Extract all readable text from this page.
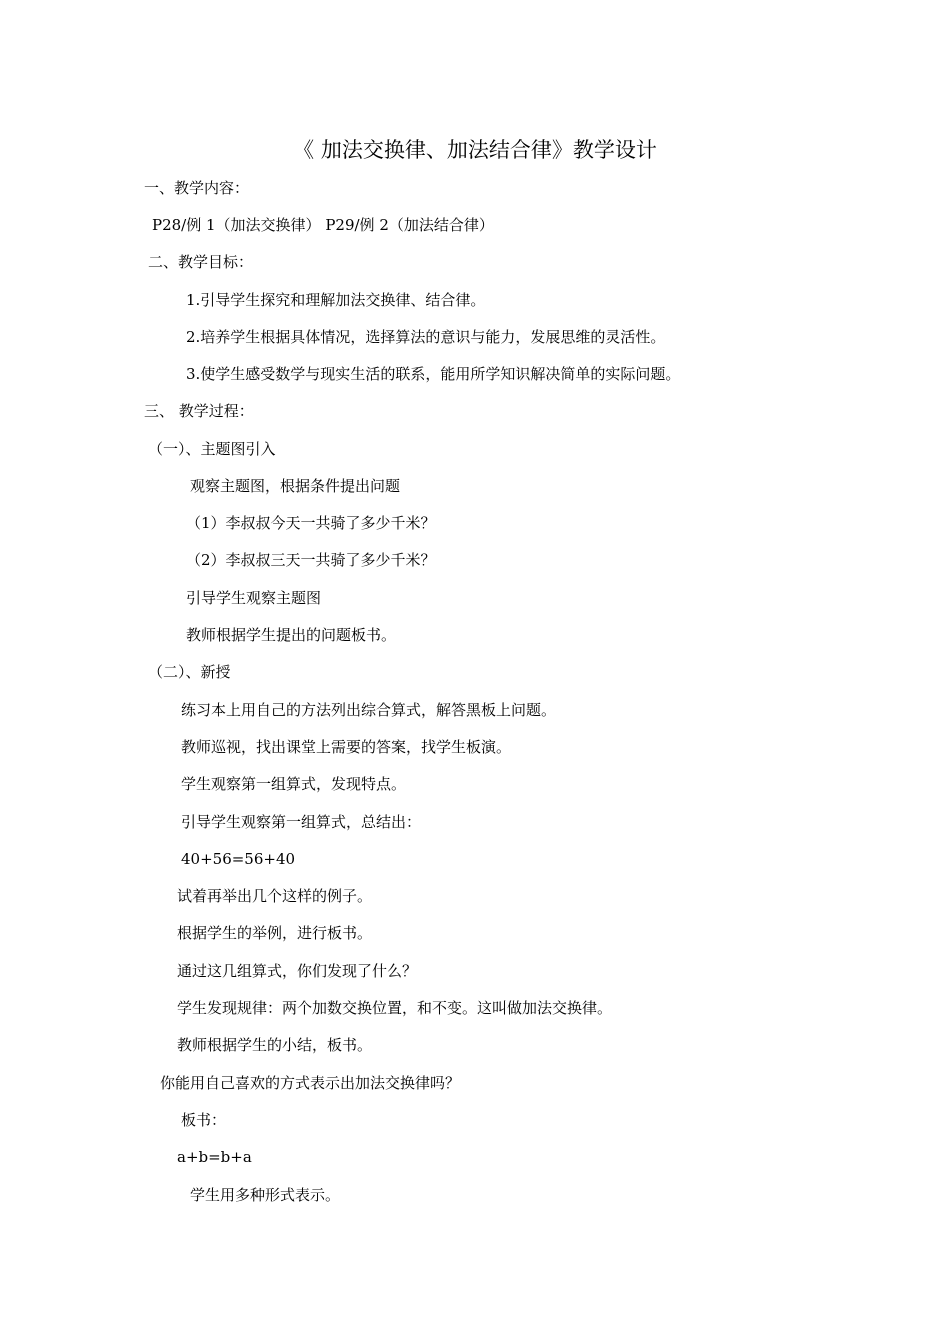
《 加法交换律、加法结合律》教学设计
一、教学内容：
P28/例 1（加法交换律） P29/例 2（加法结合律）
二、教学目标：
1.引导学生探究和理解加法交换律、结合律。
2.培养学生根据具体情况，选择算法的意识与能力，发展思维的灵活性。
3.使学生感受数学与现实生活的联系，能用所学知识解决简单的实际问题。
三、 教学过程：
（一）、主题图引入
观察主题图，根据条件提出问题
（1）李叔叔今天一共骑了多少千米？
（2）李叔叔三天一共骑了多少千米？
引导学生观察主题图
教师根据学生提出的问题板书。
（二）、新授
练习本上用自己的方法列出综合算式，解答黑板上问题。
教师巡视，找出课堂上需要的答案，找学生板演。
学生观察第一组算式，发现特点。
引导学生观察第一组算式，总结出：
40+56=56+40
试着再举出几个这样的例子。
根据学生的举例，进行板书。
通过这几组算式，你们发现了什么？
学生发现规律：两个加数交换位置，和不变。这叫做加法交换律。
教师根据学生的小结，板书。
你能用自己喜欢的方式表示出加法交换律吗？
板书：
a+b=b+a
学生用多种形式表示。
